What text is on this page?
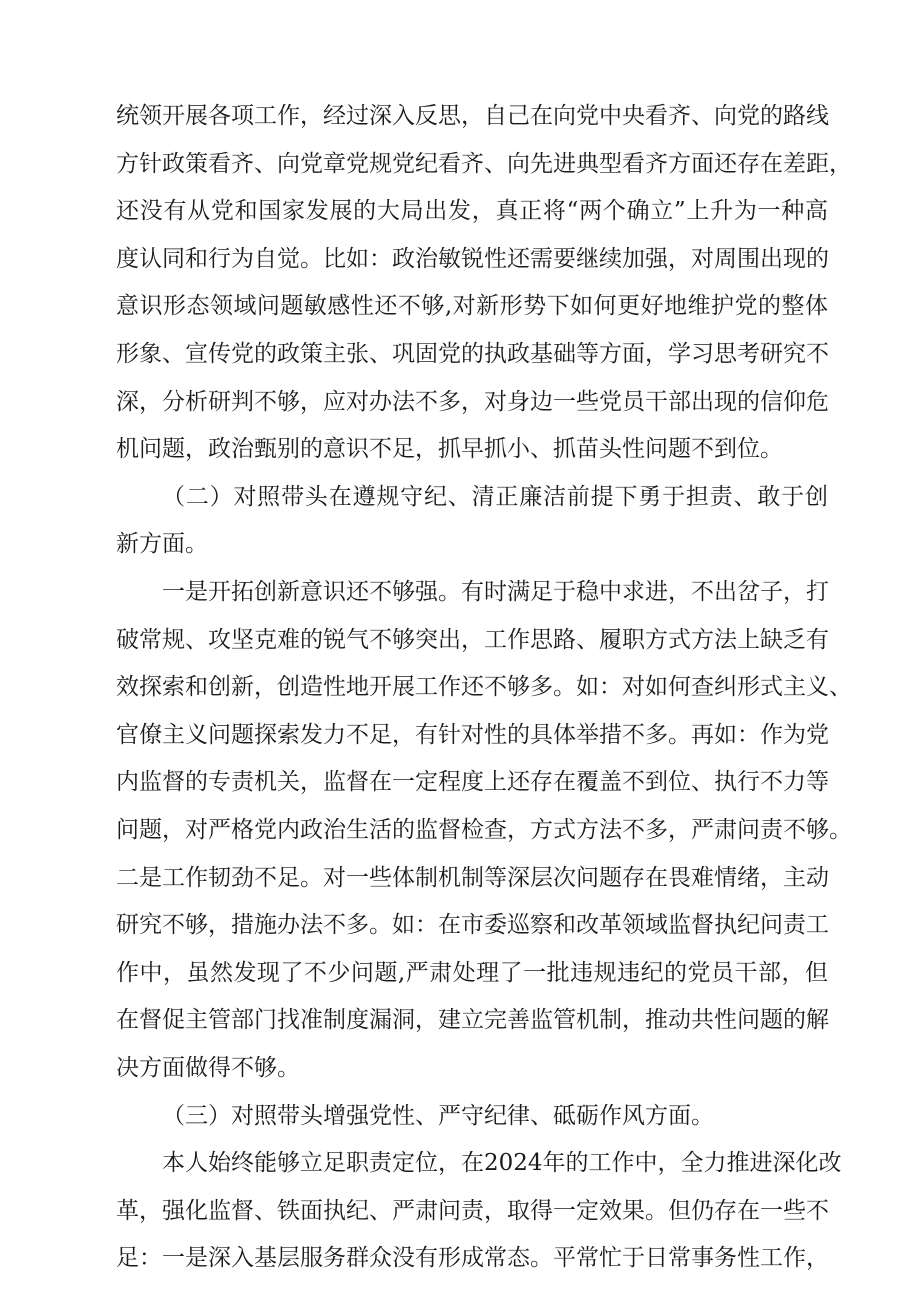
统领开展各项工作，经过深入反思，自己在向党中央看齐、向党的路线
方针政策看齐、向党章党规党纪看齐、向先进典型看齐方面还存在差距，
还没有从党和国家发展的大局出发，真正将“两个确立”上升为一种高
度认同和行为自觉。比如：政治敏锐性还需要继续加强，对周围出现的
意识形态领域问题敏感性还不够,对新形势下如何更好地维护党的整体
形象、宣传党的政策主张、巩固党的执政基础等方面，学习思考研究不
深，分析研判不够，应对办法不多，对身边一些党员干部出现的信仰危
机问题，政治甄别的意识不足，抓早抓小、抓苗头性问题不到位。
（二）对照带头在遵规守纪、清正廉洁前提下勇于担责、敢于创
新方面。
一是开拓创新意识还不够强。有时满足于稳中求进，不出岔子，打
破常规、攻坚克难的锐气不够突出，工作思路、履职方式方法上缺乏有
效探索和创新，创造性地开展工作还不够多。如：对如何查纠形式主义、
官僚主义问题探索发力不足，有针对性的具体举措不多。再如：作为党
内监督的专责机关，监督在一定程度上还存在覆盖不到位、执行不力等
问题，对严格党内政治生活的监督检查，方式方法不多，严肃问责不够。
二是工作韧劲不足。对一些体制机制等深层次问题存在畏难情绪，主动
研究不够，措施办法不多。如：在市委巡察和改革领域监督执纪问责工
作中，虽然发现了不少问题,严肃处理了一批违规违纪的党员干部，但
在督促主管部门找准制度漏洞，建立完善监管机制，推动共性问题的解
决方面做得不够。
（三）对照带头增强党性、严守纪律、砥砺作风方面。
本人始终能够立足职责定位，在2024年的工作中，全力推进深化改
革，强化监督、铁面执纪、严肃问责，取得一定效果。但仍存在一些不
足：一是深入基层服务群众没有形成常态。平常忙于日常事务性工作，
